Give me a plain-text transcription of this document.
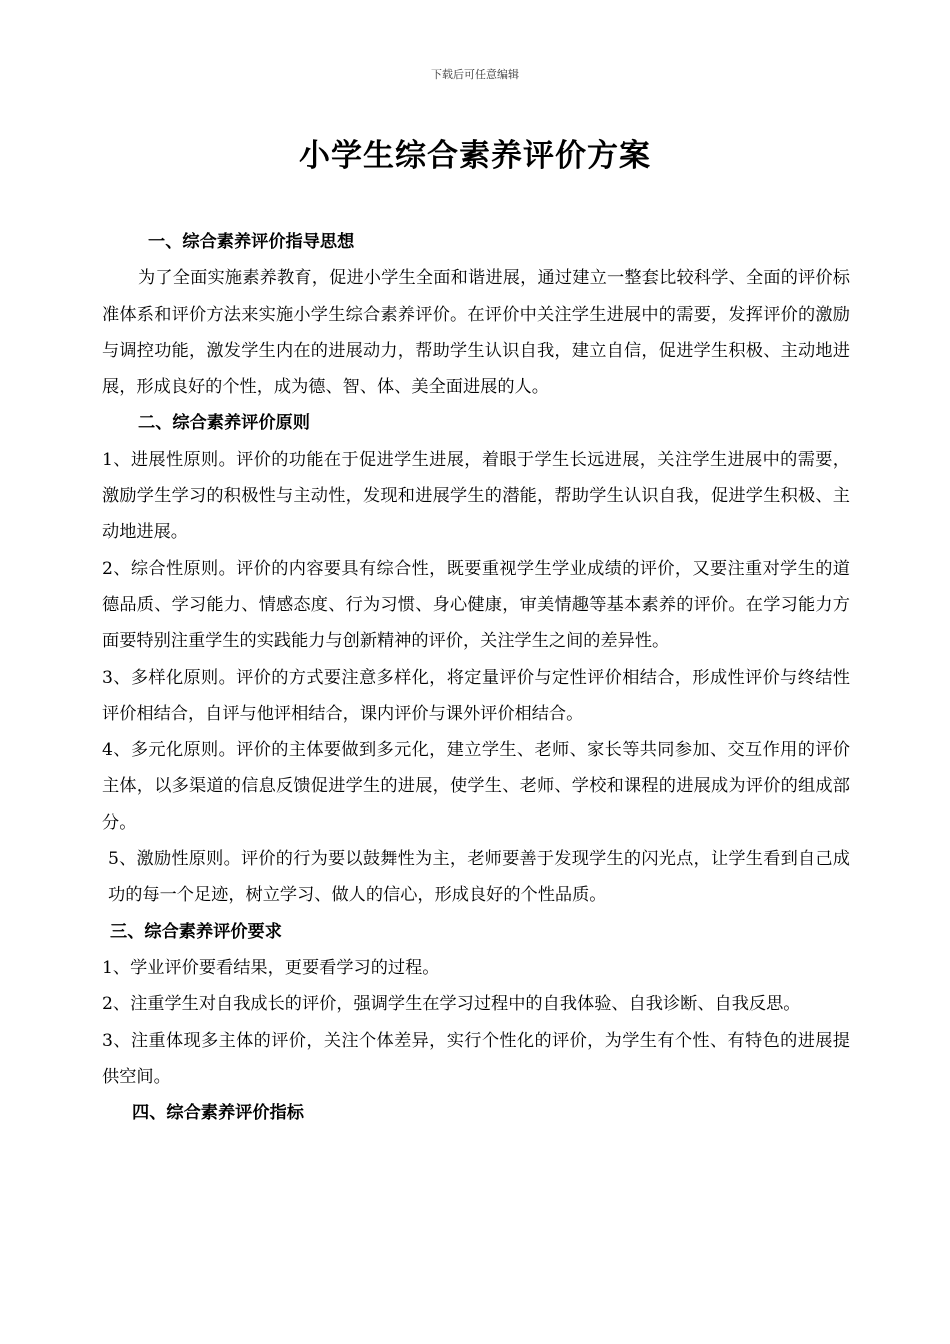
下载后可任意编辑
小学生综合素养评价方案

一、综合素养评价指导思想

为了全面实施素养教育，促进小学生全面和谐进展，通过建立一整套比较科学、全面的评价标准体系和评价方法来实施小学生综合素养评价。在评价中关注学生进展中的需要，发挥评价的激励与调控功能，激发学生内在的进展动力，帮助学生认识自我，建立自信，促进学生积极、主动地进展，形成良好的个性，成为德、智、体、美全面进展的人。

二、综合素养评价原则

1、进展性原则。评价的功能在于促进学生进展，着眼于学生长远进展，关注学生进展中的需要，激励学生学习的积极性与主动性，发现和进展学生的潜能，帮助学生认识自我，促进学生积极、主动地进展。

2、综合性原则。评价的内容要具有综合性，既要重视学生学业成绩的评价，又要注重对学生的道德品质、学习能力、情感态度、行为习惯、身心健康，审美情趣等基本素养的评价。在学习能力方面要特别注重学生的实践能力与创新精神的评价，关注学生之间的差异性。

3、多样化原则。评价的方式要注意多样化，将定量评价与定性评价相结合，形成性评价与终结性评价相结合，自评与他评相结合，课内评价与课外评价相结合。

4、多元化原则。评价的主体要做到多元化，建立学生、老师、家长等共同参加、交互作用的评价主体，以多渠道的信息反馈促进学生的进展，使学生、老师、学校和课程的进展成为评价的组成部分。

5、激励性原则。评价的行为要以鼓舞性为主，老师要善于发现学生的闪光点，让学生看到自己成功的每一个足迹，树立学习、做人的信心，形成良好的个性品质。

三、综合素养评价要求

1、学业评价要看结果，更要看学习的过程。

2、注重学生对自我成长的评价，强调学生在学习过程中的自我体验、自我诊断、自我反思。

3、注重体现多主体的评价，关注个体差异，实行个性化的评价，为学生有个性、有特色的进展提供空间。

四、综合素养评价指标
